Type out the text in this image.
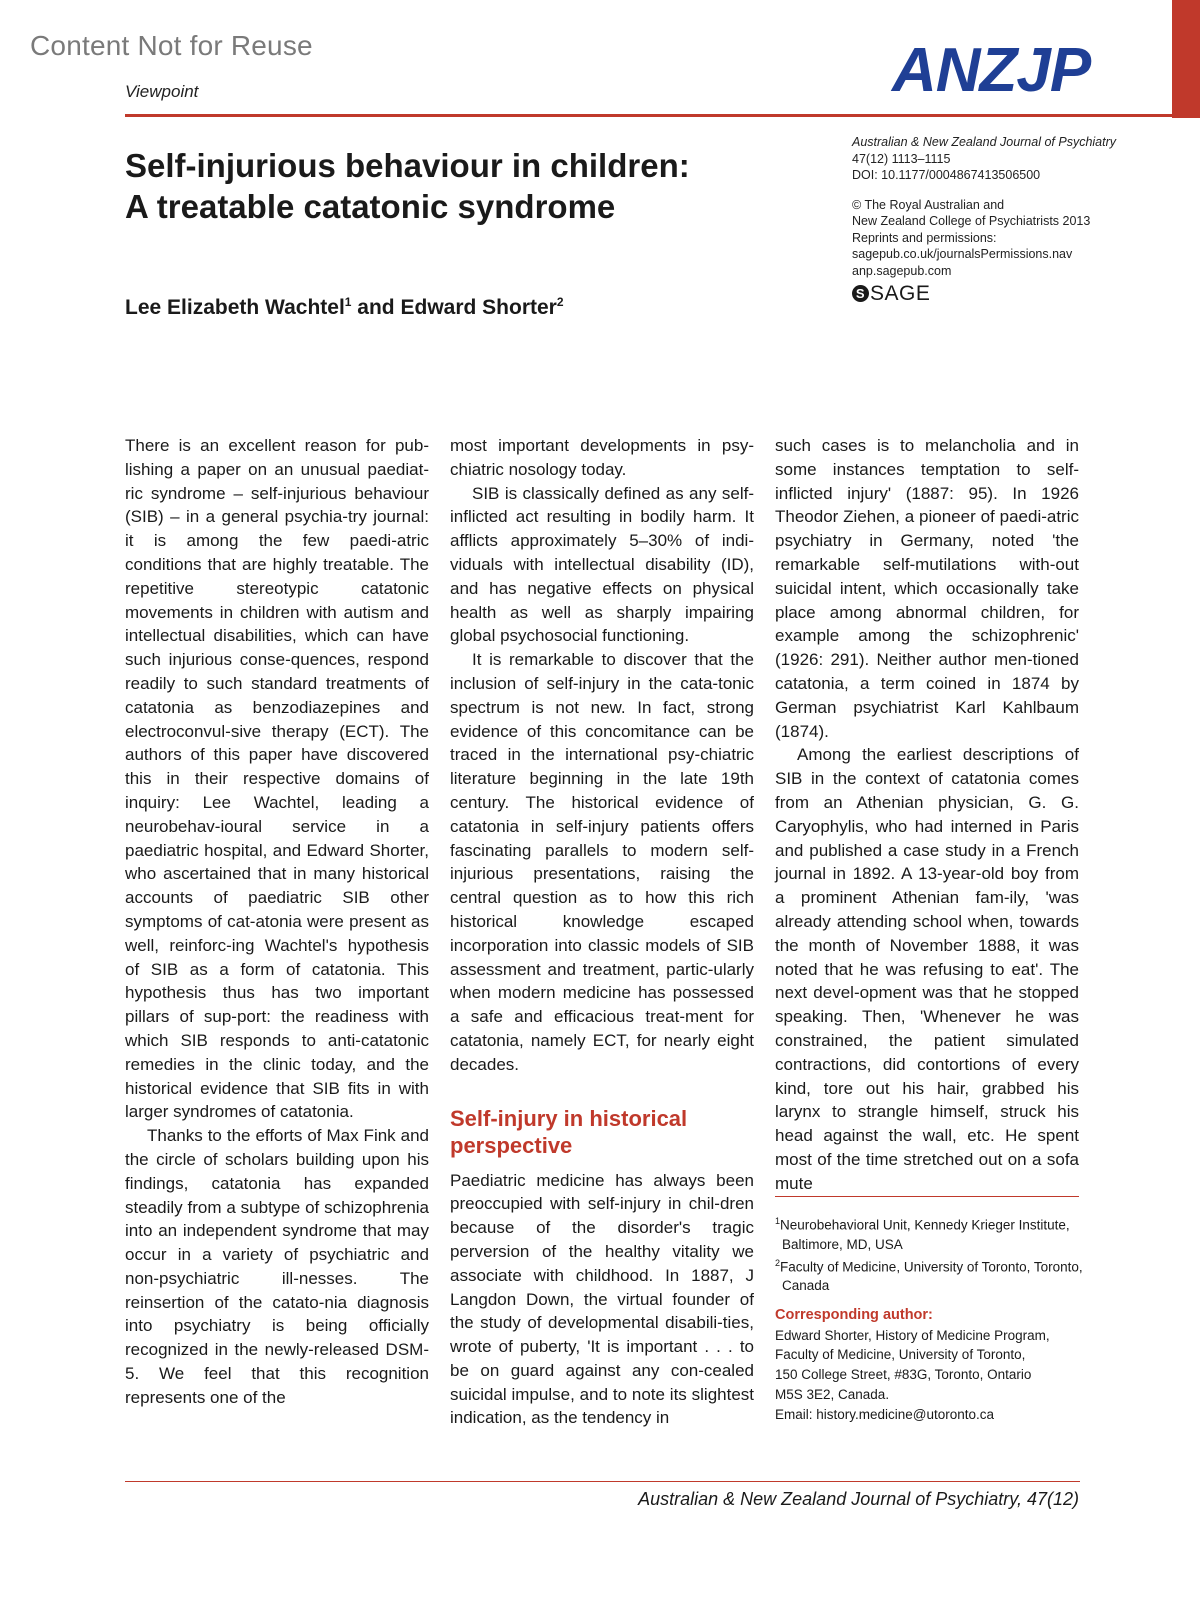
Content Not for Reuse
Viewpoint	ANZJP
Self-injurious behaviour in children:
A treatable catatonic syndrome
Lee Elizabeth Wachtel$^1$ and Edward Shorter$^2$
Australian & New Zealand Journal of Psychiatry
47(12) 1113–1115
DOI: 10.1177/0004867413506500
© The Royal Australian and
New Zealand College of Psychiatrists 2013
Reprints and permissions:
sagepub.co.uk/journalsPermissions.nav
anp.sagepub.com
S SAGE

There is an excellent reason for pub-lishing a paper on an unusual paediat-ric syndrome – self-injurious behaviour (SIB) – in a general psychia-try journal: it is among the few paedi-atric conditions that are highly treatable. The repetitive stereotypic catatonic movements in children with autism and intellectual disabilities, which can have such injurious conse-quences, respond readily to such standard treatments of catatonia as benzodiazepines and electroconvul-sive therapy (ECT). The authors of this paper have discovered this in their respective domains of inquiry: Lee Wachtel, leading a neurobehav-ioural service in a paediatric hospital, and Edward Shorter, who ascertained that in many historical accounts of paediatric SIB other symptoms of cat-atonia were present as well, reinforc-ing Wachtel's hypothesis of SIB as a form of catatonia. This hypothesis thus has two important pillars of sup-port: the readiness with which SIB responds to anti-catatonic remedies in the clinic today, and the historical evidence that SIB fits in with larger syndromes of catatonia.

Thanks to the efforts of Max Fink and the circle of scholars building upon his findings, catatonia has expanded steadily from a subtype of schizophrenia into an independent syndrome that may occur in a variety of psychiatric and non-psychiatric ill-nesses. The reinsertion of the catato-nia diagnosis into psychiatry is being officially recognized in the newly-released DSM-5. We feel that this recognition represents one of the

most important developments in psy-chiatric nosology today.

SIB is classically defined as any self-inflicted act resulting in bodily harm. It afflicts approximately 5–30% of indi-viduals with intellectual disability (ID), and has negative effects on physical health as well as sharply impairing global psychosocial functioning.

It is remarkable to discover that the inclusion of self-injury in the cata-tonic spectrum is not new. In fact, strong evidence of this concomitance can be traced in the international psy-chiatric literature beginning in the late 19th century. The historical evidence of catatonia in self-injury patients offers fascinating parallels to modern self-injurious presentations, raising the central question as to how this rich historical knowledge escaped incorporation into classic models of SIB assessment and treatment, partic-ularly when modern medicine has possessed a safe and efficacious treat-ment for catatonia, namely ECT, for nearly eight decades.

Self-injury in historical perspective

Paediatric medicine has always been preoccupied with self-injury in chil-dren because of the disorder's tragic perversion of the healthy vitality we associate with childhood. In 1887, J Langdon Down, the virtual founder of the study of developmental disabili-ties, wrote of puberty, 'It is important . . . to be on guard against any con-cealed suicidal impulse, and to note its slightest indication, as the tendency in

such cases is to melancholia and in some instances temptation to self-inflicted injury' (1887: 95). In 1926 Theodor Ziehen, a pioneer of paedi-atric psychiatry in Germany, noted 'the remarkable self-mutilations with-out suicidal intent, which occasionally take place among abnormal children, for example among the schizophrenic' (1926: 291). Neither author men-tioned catatonia, a term coined in 1874 by German psychiatrist Karl Kahlbaum (1874).

Among the earliest descriptions of SIB in the context of catatonia comes from an Athenian physician, G. G. Caryophylis, who had interned in Paris and published a case study in a French journal in 1892. A 13-year-old boy from a prominent Athenian fam-ily, 'was already attending school when, towards the month of November 1888, it was noted that he was refusing to eat'. The next devel-opment was that he stopped speaking. Then, 'Whenever he was constrained, the patient simulated contractions, did contortions of every kind, tore out his hair, grabbed his larynx to strangle himself, struck his head against the wall, etc. He spent most of the time stretched out on a sofa mute

$^1$Neurobehavioral Unit, Kennedy Krieger Institute, Baltimore, MD, USA

$^2$Faculty of Medicine, University of Toronto, Toronto, Canada

Corresponding author:
Edward Shorter, History of Medicine Program,
Faculty of Medicine, University of Toronto,
150 College Street, #83G, Toronto, Ontario
M5S 3E2, Canada.
Email: history.medicine@utoronto.ca
Australian & New Zealand Journal of Psychiatry, 47(12)
